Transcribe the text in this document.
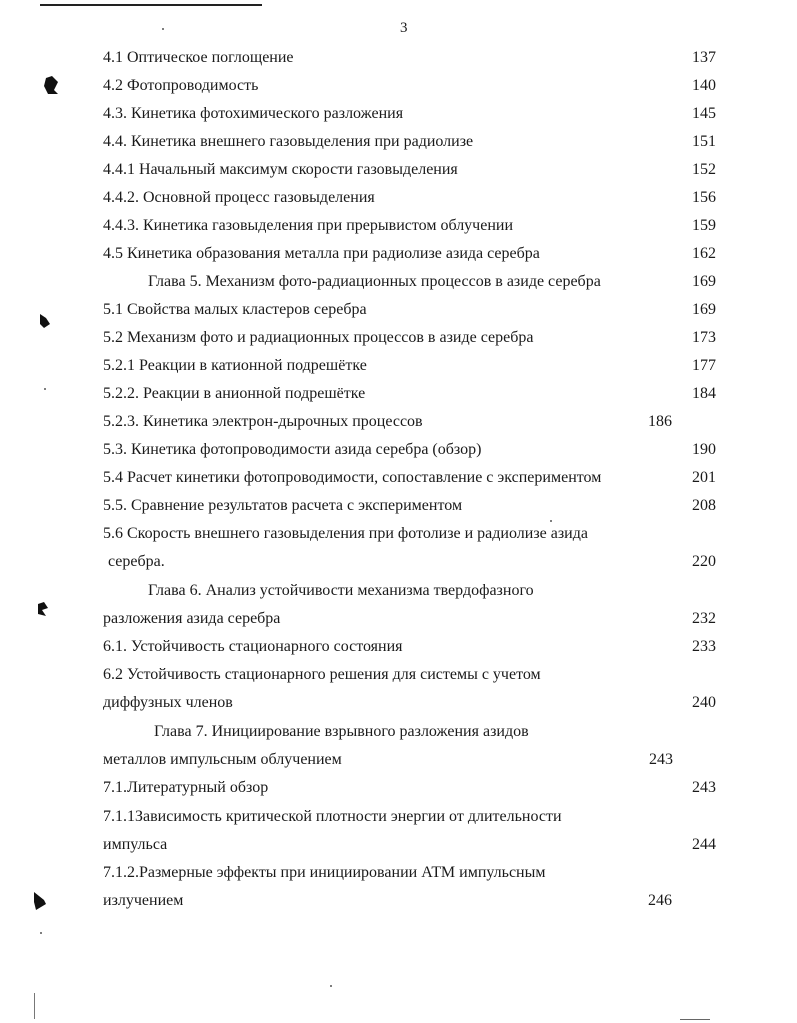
3
4.1 Оптическое поглощение	137
4.2 Фотопроводимость	140
4.3. Кинетика фотохимического разложения	145
4.4. Кинетика внешнего газовыделения при радиолизе	151
4.4.1 Начальный максимум скорости газовыделения	152
4.4.2. Основной процесс газовыделения	156
4.4.3. Кинетика газовыделения при прерывистом облучении	159
4.5 Кинетика образования металла при радиолизе азида серебра	162
Глава 5. Механизм фото-радиационных процессов в азиде серебра	169
5.1 Свойства малых кластеров серебра	169
5.2 Механизм фото и радиационных процессов в азиде серебра	173
5.2.1 Реакции в катионной подрешётке	177
5.2.2. Реакции в анионной подрешётке	184
5.2.3. Кинетика электрон-дырочных процессов	186
5.3. Кинетика фотопроводимости азида серебра (обзор)	190
5.4 Расчет кинетики фотопроводимости, сопоставление с экспериментом	201
5.5. Сравнение результатов расчета с экспериментом	208
5.6 Скорость внешнего газовыделения при фотолизе и радиолизе азида
серебра.	220
Глава 6. Анализ устойчивости механизма твердофазного
разложения азида серебра	232
6.1. Устойчивость стационарного состояния	233
6.2 Устойчивость стационарного решения для системы с учетом
диффузных членов	240
Глава 7. Инициирование взрывного разложения азидов
металлов импульсным облучением	243
7.1.Литературный обзор	243
7.1.1Зависимость критической плотности энергии от длительности
импульса	244
7.1.2.Размерные эффекты при инициировании АТМ импульсным
излучением	246
